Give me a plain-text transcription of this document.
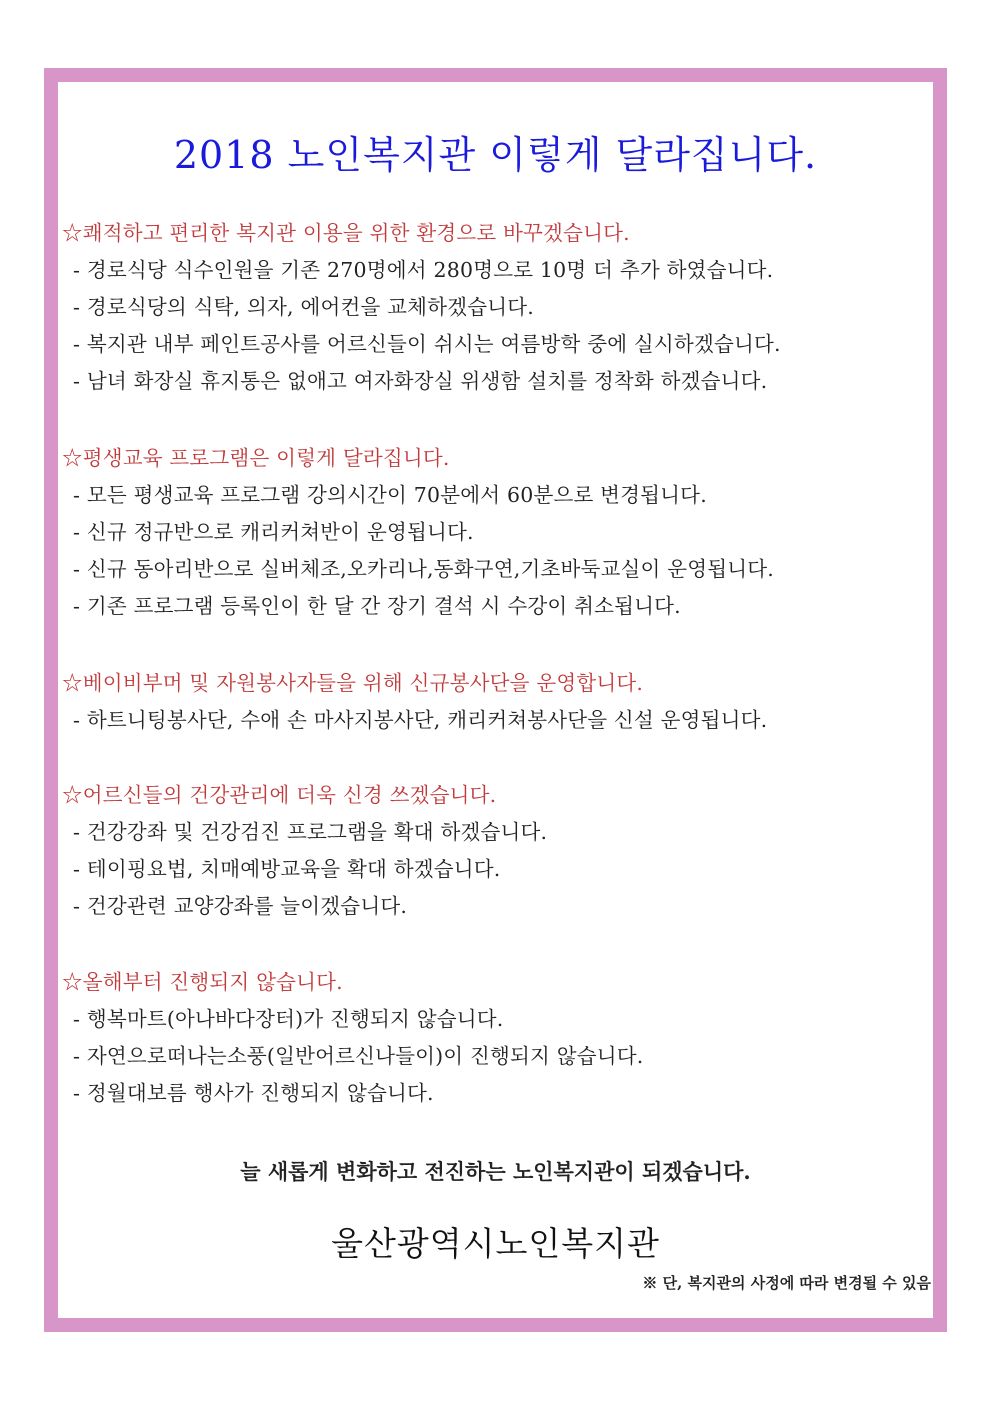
2018 노인복지관 이렇게 달라집니다.
☆쾌적하고 편리한 복지관 이용을 위한 환경으로 바꾸겠습니다.
- 경로식당 식수인원을 기존 270명에서 280명으로 10명 더 추가 하였습니다.
- 경로식당의 식탁, 의자, 에어컨을 교체하겠습니다.
- 복지관 내부 페인트공사를 어르신들이 쉬시는 여름방학 중에 실시하겠습니다.
- 남녀 화장실 휴지통은 없애고 여자화장실 위생함 설치를 정착화 하겠습니다.
☆평생교육 프로그램은 이렇게 달라집니다.
- 모든 평생교육 프로그램 강의시간이 70분에서 60분으로 변경됩니다.
- 신규 정규반으로 캐리커쳐반이 운영됩니다.
- 신규 동아리반으로 실버체조,오카리나,동화구연,기초바둑교실이 운영됩니다.
- 기존 프로그램 등록인이 한 달 간 장기 결석 시 수강이 취소됩니다.
☆베이비부머 및 자원봉사자들을 위해 신규봉사단을 운영합니다.
- 하트니팅봉사단, 수애 손 마사지봉사단, 캐리커쳐봉사단을 신설 운영됩니다.
☆어르신들의 건강관리에 더욱 신경 쓰겠습니다.
- 건강강좌 및 건강검진 프로그램을 확대 하겠습니다.
- 테이핑요법, 치매예방교육을 확대 하겠습니다.
- 건강관련 교양강좌를 늘이겠습니다.
☆올해부터 진행되지 않습니다.
- 행복마트(아나바다장터)가 진행되지 않습니다.
- 자연으로떠나는소풍(일반어르신나들이)이 진행되지 않습니다.
- 정월대보름 행사가 진행되지 않습니다.
늘 새롭게 변화하고 전진하는 노인복지관이 되겠습니다.
울산광역시노인복지관
※ 단, 복지관의 사정에 따라 변경될 수 있음
